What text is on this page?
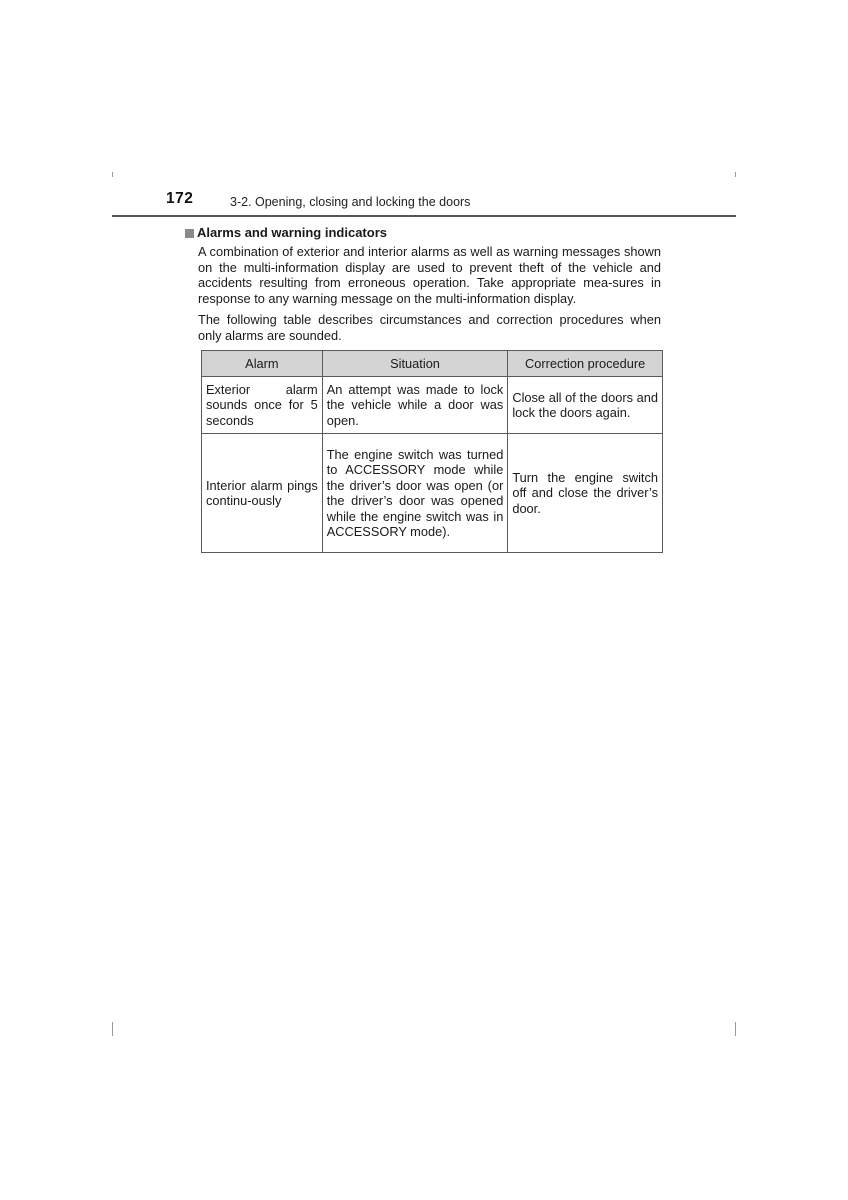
172	3-2. Opening, closing and locking the doors
Alarms and warning indicators
A combination of exterior and interior alarms as well as warning messages shown on the multi-information display are used to prevent theft of the vehicle and accidents resulting from erroneous operation. Take appropriate mea-sures in response to any warning message on the multi-information display.
The following table describes circumstances and correction procedures when only alarms are sounded.
Alarm	Situation	Correction procedure
Exterior alarm sounds once for 5 seconds	An attempt was made to lock the vehicle while a door was open.	Close all of the doors and lock the doors again.
Interior alarm pings continu-ously	The engine switch was turned to ACCESSORY mode while the driver’s door was open (or the driver’s door was opened while the engine switch was in ACCESSORY mode).	Turn the engine switch off and close the driver’s door.
